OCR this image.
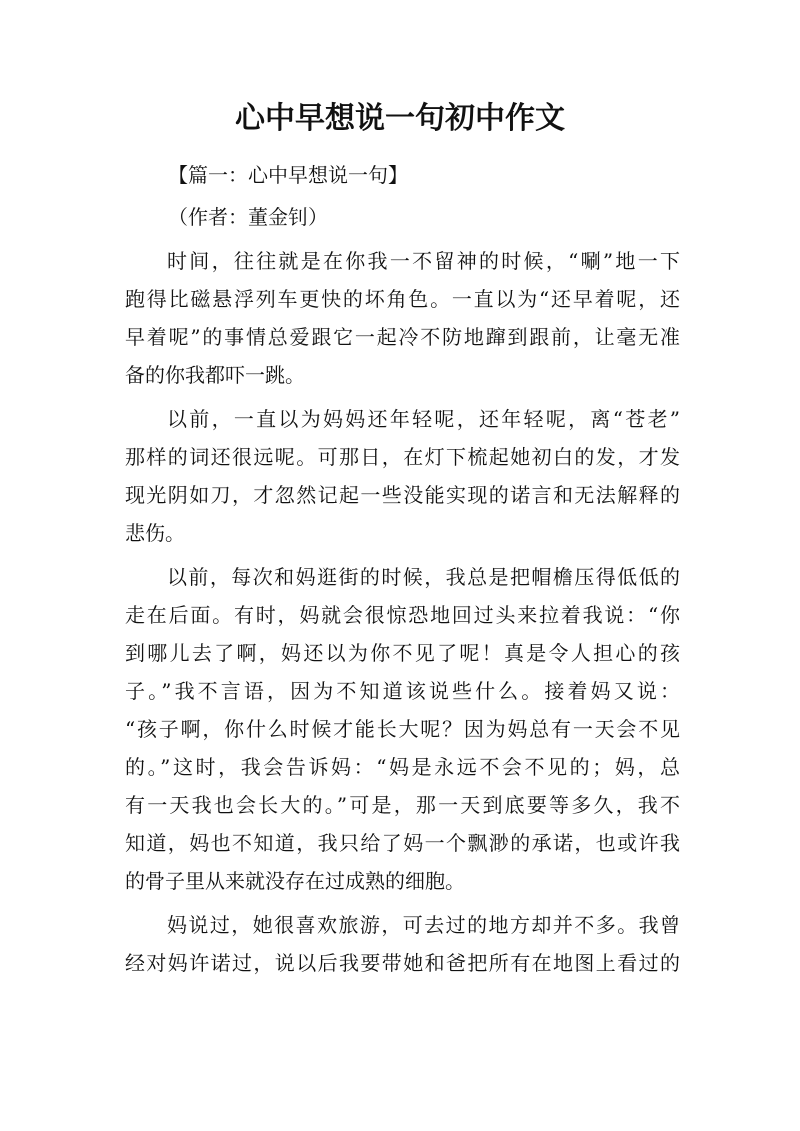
心中早想说一句初中作文
【篇一：心中早想说一句】
（作者：董金钊）
时间，往往就是在你我一不留神的时候，“唰”地一下
跑得比磁悬浮列车更快的坏角色。一直以为“还早着呢，还
早着呢”的事情总爱跟它一起冷不防地蹿到跟前，让毫无准
备的你我都吓一跳。
以前，一直以为妈妈还年轻呢，还年轻呢，离“苍老”
那样的词还很远呢。可那日，在灯下梳起她初白的发，才发
现光阴如刀，才忽然记起一些没能实现的诺言和无法解释的
悲伤。
以前，每次和妈逛街的时候，我总是把帽檐压得低低的
走在后面。有时，妈就会很惊恐地回过头来拉着我说：“你
到哪儿去了啊，妈还以为你不见了呢！真是令人担心的孩
子。”我不言语，因为不知道该说些什么。接着妈又说：
“孩子啊，你什么时候才能长大呢？因为妈总有一天会不见
的。”这时，我会告诉妈：“妈是永远不会不见的；妈，总
有一天我也会长大的。”可是，那一天到底要等多久，我不
知道，妈也不知道，我只给了妈一个飘渺的承诺，也或许我
的骨子里从来就没存在过成熟的细胞。
妈说过，她很喜欢旅游，可去过的地方却并不多。我曾
经对妈许诺过，说以后我要带她和爸把所有在地图上看过的
